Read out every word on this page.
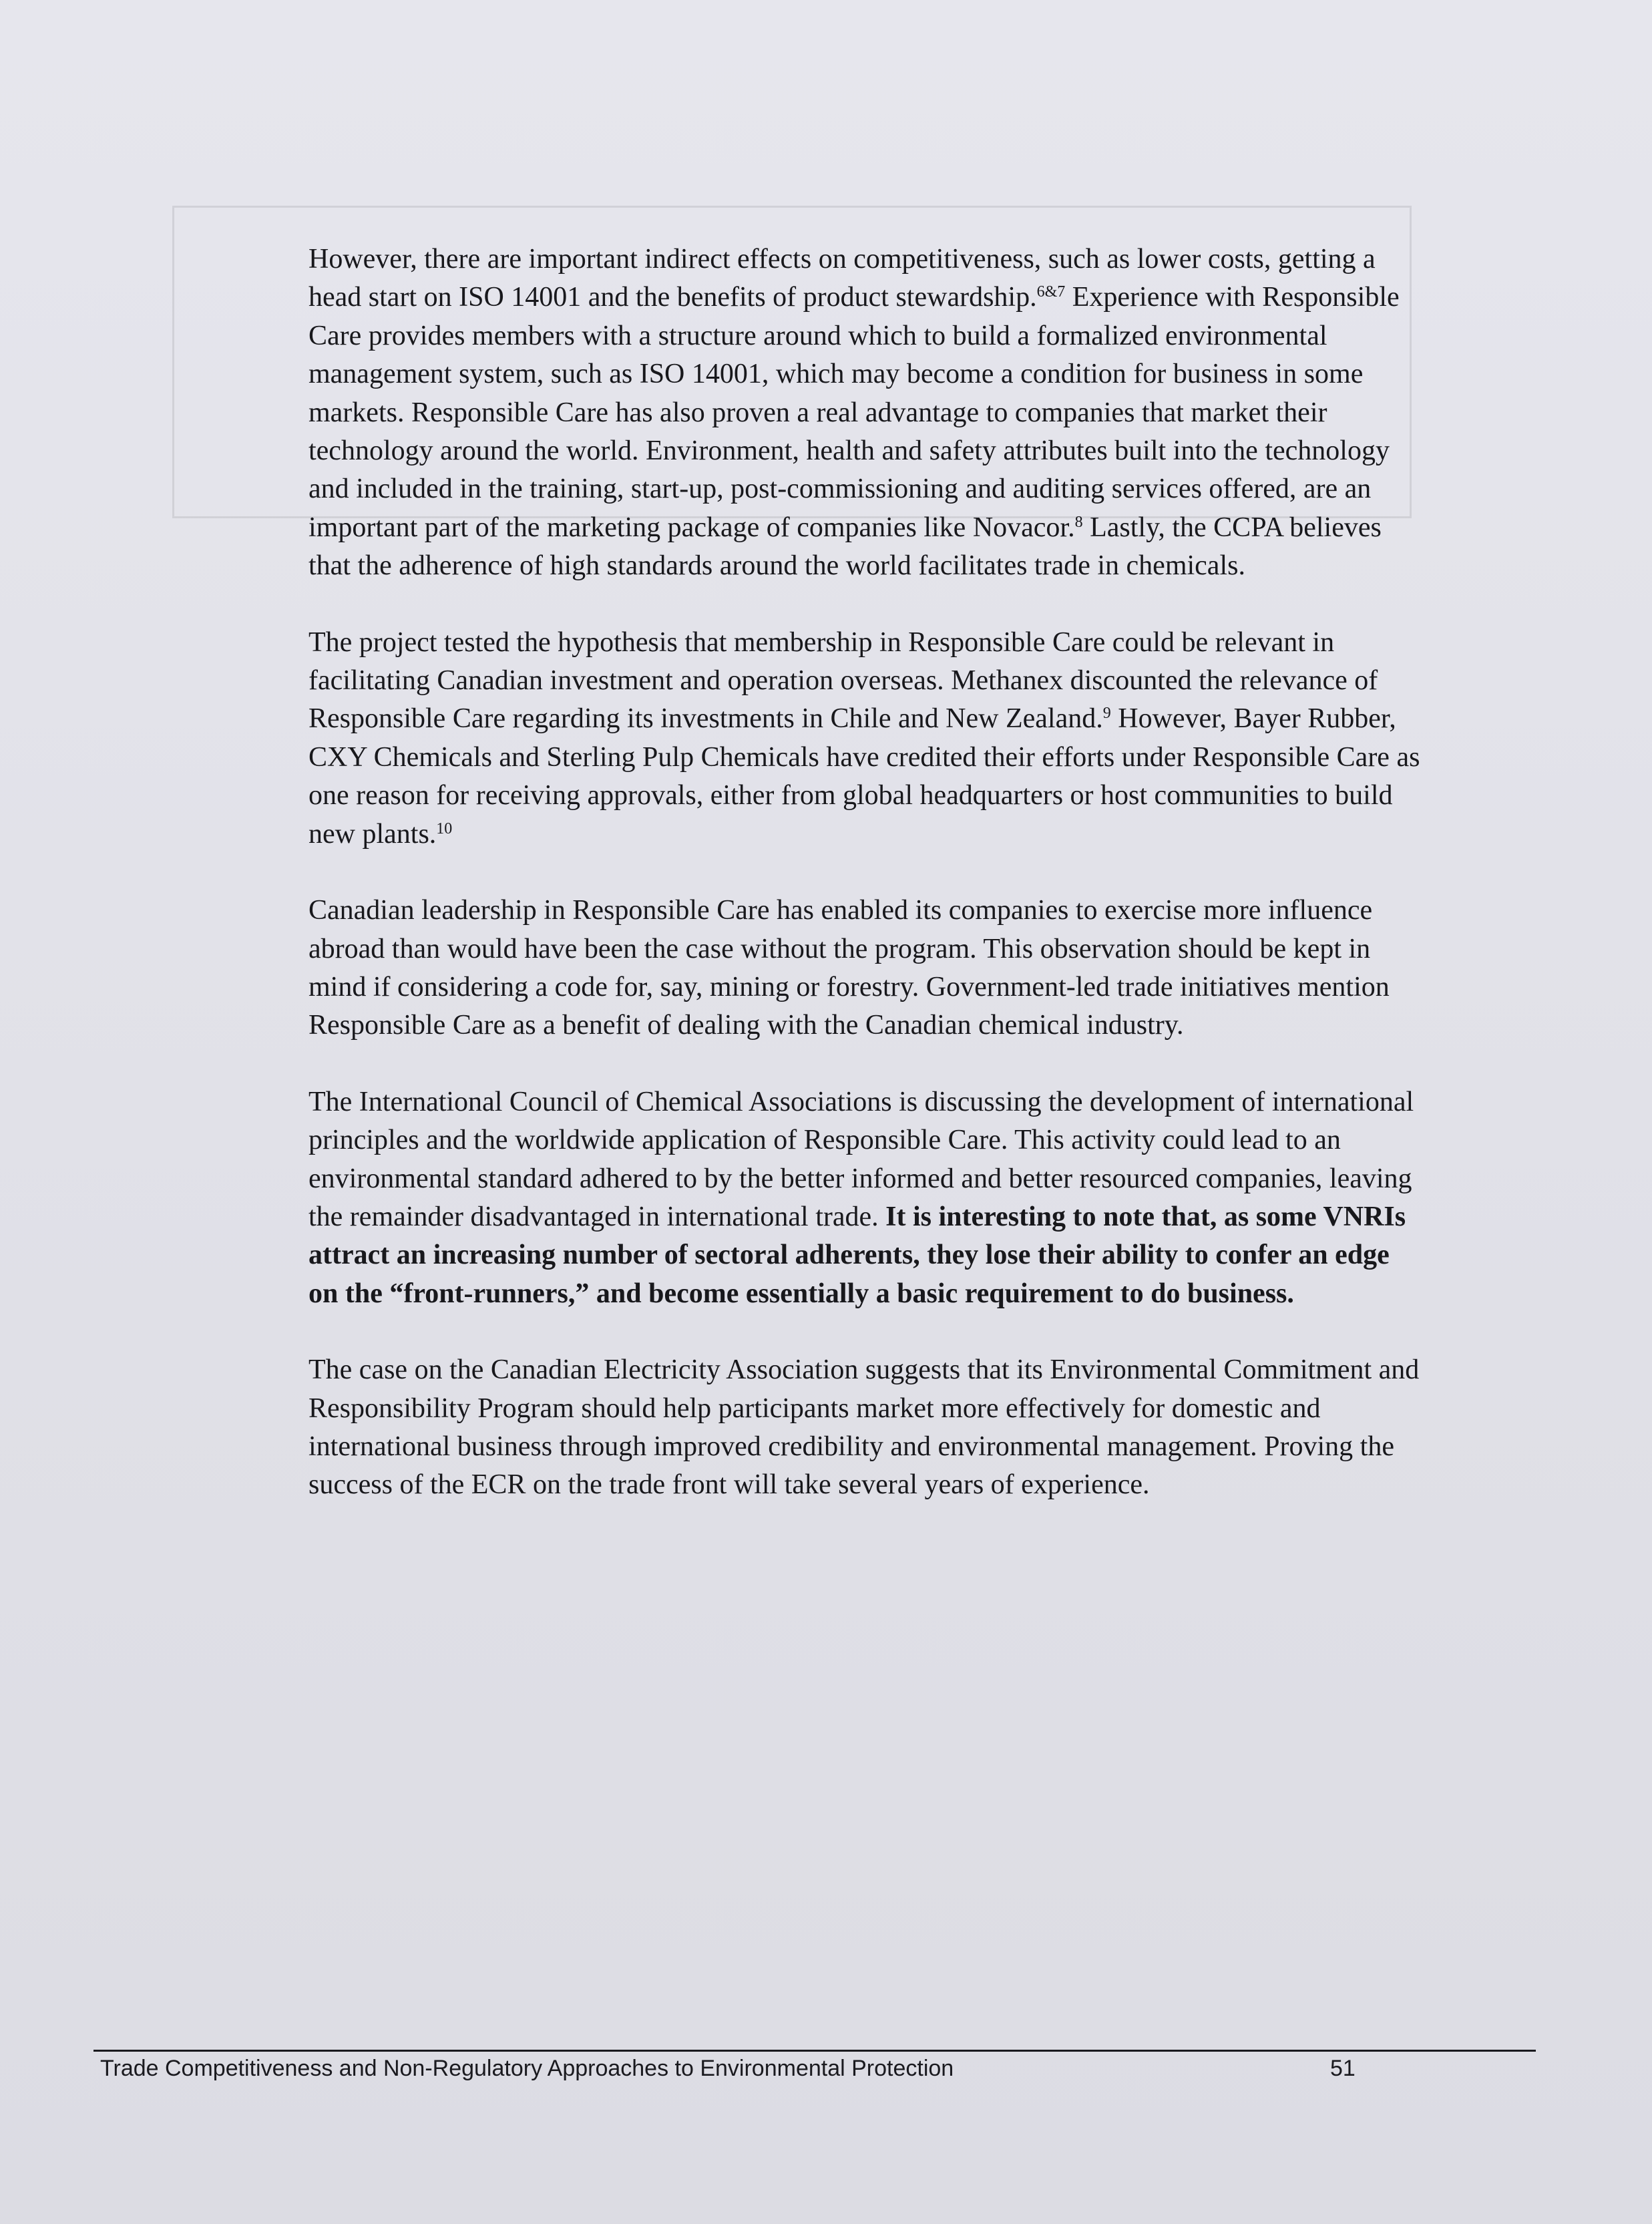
However, there are important indirect effects on competitiveness, such as lower costs, getting a head start on ISO 14001 and the benefits of product stewardship.$^{6\&7}$ Experience with Responsible Care provides members with a structure around which to build a formalized environmental management system, such as ISO 14001, which may become a condition for business in some markets. Responsible Care has also proven a real advantage to companies that market their technology around the world. Environment, health and safety attributes built into the technology and included in the training, start-up, post-commissioning and auditing services offered, are an important part of the marketing package of companies like Novacor.$^8$ Lastly, the CCPA believes that the adherence of high standards around the world facilitates trade in chemicals.

The project tested the hypothesis that membership in Responsible Care could be relevant in facilitating Canadian investment and operation overseas. Methanex discounted the relevance of Responsible Care regarding its investments in Chile and New Zealand.$^9$ However, Bayer Rubber, CXY Chemicals and Sterling Pulp Chemicals have credited their efforts under Responsible Care as one reason for receiving approvals, either from global headquarters or host communities to build new plants.$^{10}$

Canadian leadership in Responsible Care has enabled its companies to exercise more influence abroad than would have been the case without the program. This observation should be kept in mind if considering a code for, say, mining or forestry. Government-led trade initiatives mention Responsible Care as a benefit of dealing with the Canadian chemical industry.

The International Council of Chemical Associations is discussing the development of international principles and the worldwide application of Responsible Care. This activity could lead to an environmental standard adhered to by the better informed and better resourced companies, leaving the remainder disadvantaged in international trade. It is interesting to note that, as some VNRIs attract an increasing number of sectoral adherents, they lose their ability to confer an edge on the “front-runners,” and become essentially a basic requirement to do business.

The case on the Canadian Electricity Association suggests that its Environmental Commitment and Responsibility Program should help participants market more effectively for domestic and international business through improved credibility and environmental management. Proving the success of the ECR on the trade front will take several years of experience.

Trade Competitiveness and Non-Regulatory Approaches to Environmental Protection	51
